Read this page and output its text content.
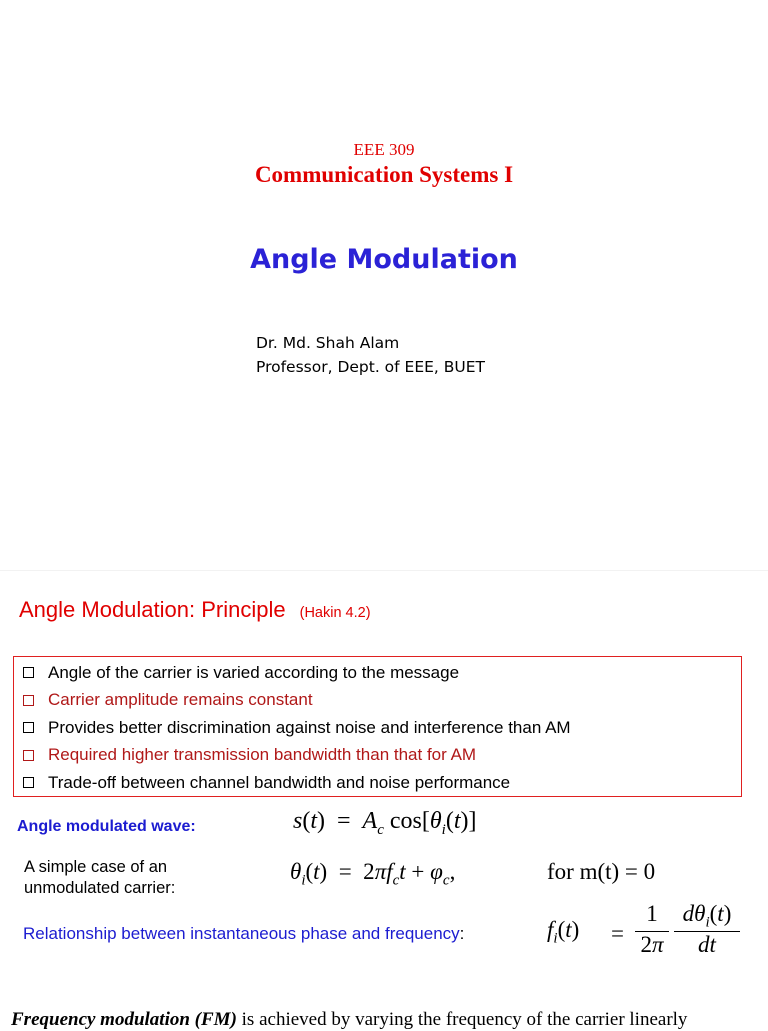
EEE 309
Communication Systems I
Angle Modulation
Dr. Md. Shah Alam
Professor, Dept. of EEE, BUET
Angle Modulation: Principle (Hakin 4.2)
Angle of the carrier is varied according to the message
Carrier amplitude remains constant
Provides better discrimination against noise and interference than AM
Required higher transmission bandwidth than that for AM
Trade-off between channel bandwidth and noise performance
Angle modulated wave:	$s(t) = A_c$ $\cos[\theta_i(t)]$
A simple case of an
unmodulated carrier:
$\theta_i(t) = 2\pi f_ct + \varphi_c$,	for m(t) = 0
Relationship between instantaneous phase and frequency:	$f_i(t)$ =
1
2π
$d\theta_i(t)$
dt
Frequency modulation (FM) is achieved by varying the frequency of the carrier linearly
